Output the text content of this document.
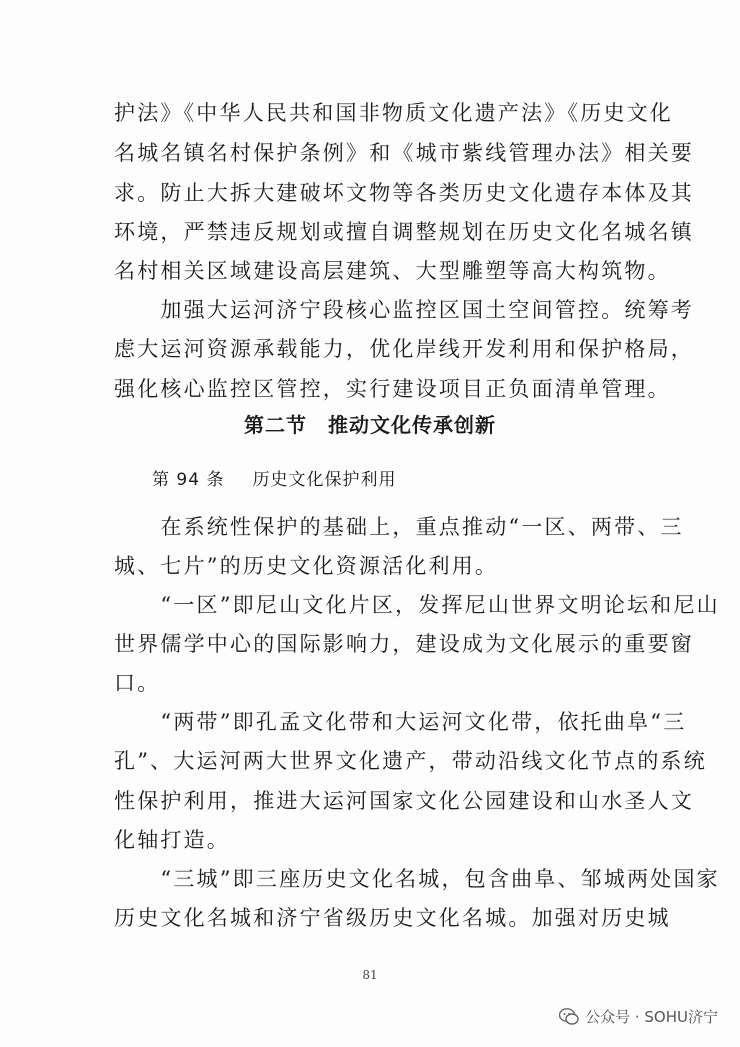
护法》《中华人民共和国非物质文化遗产法》《历史文化
名城名镇名村保护条例》和《城市紫线管理办法》相关要
求。防止大拆大建破坏文物等各类历史文化遗存本体及其
环境，严禁违反规划或擅自调整规划在历史文化名城名镇
名村相关区域建设高层建筑、大型雕塑等高大构筑物。
　　加强大运河济宁段核心监控区国土空间管控。统筹考
虑大运河资源承载能力，优化岸线开发利用和保护格局，
强化核心监控区管控，实行建设项目正负面清单管理。
第二节　推动文化传承创新
第 94 条 历史文化保护利用
　　在系统性保护的基础上，重点推动“一区、两带、三
城、七片”的历史文化资源活化利用。
　　“一区”即尼山文化片区，发挥尼山世界文明论坛和尼山
世界儒学中心的国际影响力，建设成为文化展示的重要窗
口。
　　“两带”即孔孟文化带和大运河文化带，依托曲阜“三
孔”、大运河两大世界文化遗产，带动沿线文化节点的系统
性保护利用，推进大运河国家文化公园建设和山水圣人文
化轴打造。
　　“三城”即三座历史文化名城，包含曲阜、邹城两处国家
历史文化名城和济宁省级历史文化名城。加强对历史城
81
公众号 · SOHU济宁
